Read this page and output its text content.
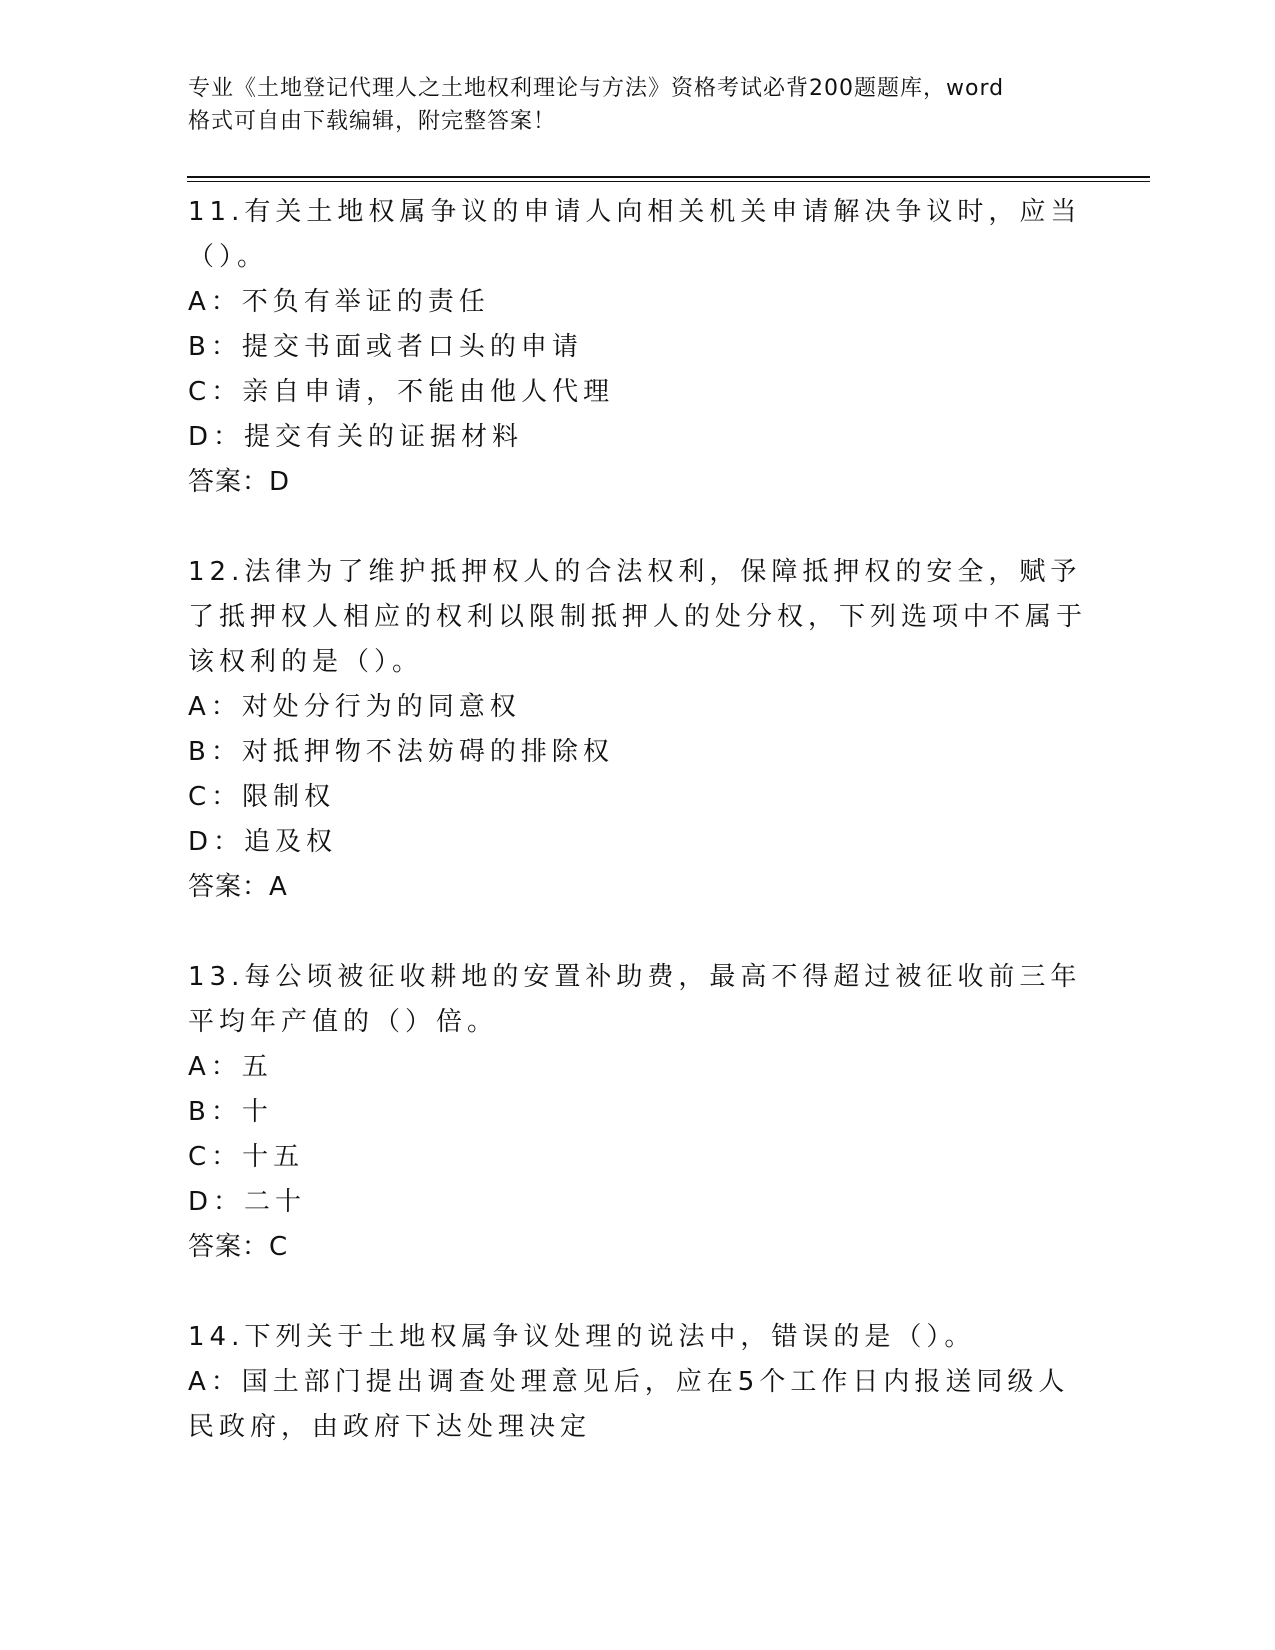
专业《土地登记代理人之土地权利理论与方法》资格考试必背200题题库，word
格式可自由下载编辑，附完整答案！
11.有关土地权属争议的申请人向相关机关申请解决争议时，应当（）。
A：不负有举证的责任
B：提交书面或者口头的申请
C：亲自申请，不能由他人代理
D：提交有关的证据材料
答案：D
12.法律为了维护抵押权人的合法权利，保障抵押权的安全，赋予了抵押权人相应的权利以限制抵押人的处分权，下列选项中不属于该权利的是（）。
A：对处分行为的同意权
B：对抵押物不法妨碍的排除权
C：限制权
D：追及权
答案：A
13.每公顷被征收耕地的安置补助费，最高不得超过被征收前三年平均年产值的（）倍。
A：五
B：十
C：十五
D：二十
答案：C
14.下列关于土地权属争议处理的说法中，错误的是（）。
A：国土部门提出调查处理意见后，应在5个工作日内报送同级人民政府，由政府下达处理决定
